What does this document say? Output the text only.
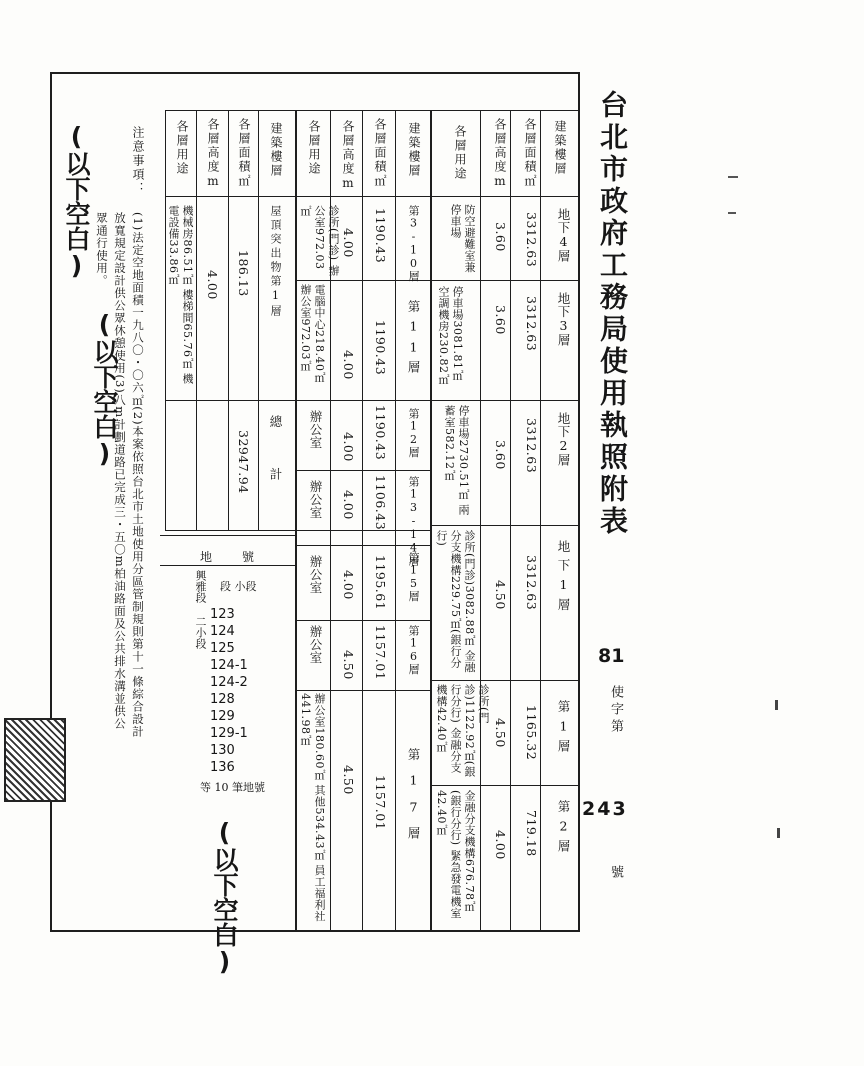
台北市政府工務局使用執照附表
81
使字第
243
號
建築樓層
各層面積㎡
各層高度m
各層用途
地下4層
地下3層
地下2層
地下1層
第1層
第2層
3312.63
3312.63
3312.63
3312.63
1165.32
719.18
3.60
3.60
3.60
4.50
4.50
4.00
防空避難室兼停車場
停車場3081.81㎡ 空調機房230.82㎡
停車場2730.51㎡ 兩蓄室582.12㎡
診所(門診)3082.88㎡ 金融分支機構229.75㎡(銀行分行)
診所(門診)1122.92㎡(銀行分行) 金融分支機構42.40㎡
金融分支機構676.78㎡(銀行分行) 緊急發電機室42.40㎡
建築樓層
各層面積㎡
各層高度m
各層用途
第3-10層
第11層
第12層
第13-14層
第15層
第16層
第17層
1190.43
1190.43
1190.43
1106.43
1195.61
1157.01
1157.01
4.00
4.00
4.00
4.00
4.00
4.50
4.50
診所(門診) 辦公室972.03㎡
電腦中心218.40㎡ 辦公室972.03㎡
辦公室
辦公室
辦公室
辦公室
辦公室180.60㎡ 其他534.43㎡ 員工福利社441.98㎡
建築樓層
各層面積㎡
各層高度m
各層用途
屋頂突出物第1層
總計
186.13
32947.94
4.00
機械房86.51㎡ 樓梯間65.76㎡ 機電設備33.86㎡
地號
興雅段 二小段 段 小段
123
124
125
124-1
124-2
128
129
129-1
130
136
等 10 筆地號
注意事項：
(1)法定空地面積一九八〇・〇六㎡(2)本案依照台北市土地使用分區管制規則第十一條綜合設計
放寬規定設計供公眾休憩使用(3)八m計劃道路已完成三・五〇m柏油路面及公共排水溝並供公
眾通行使用。
(以下空白)
(以下空白)
(以下空白)
